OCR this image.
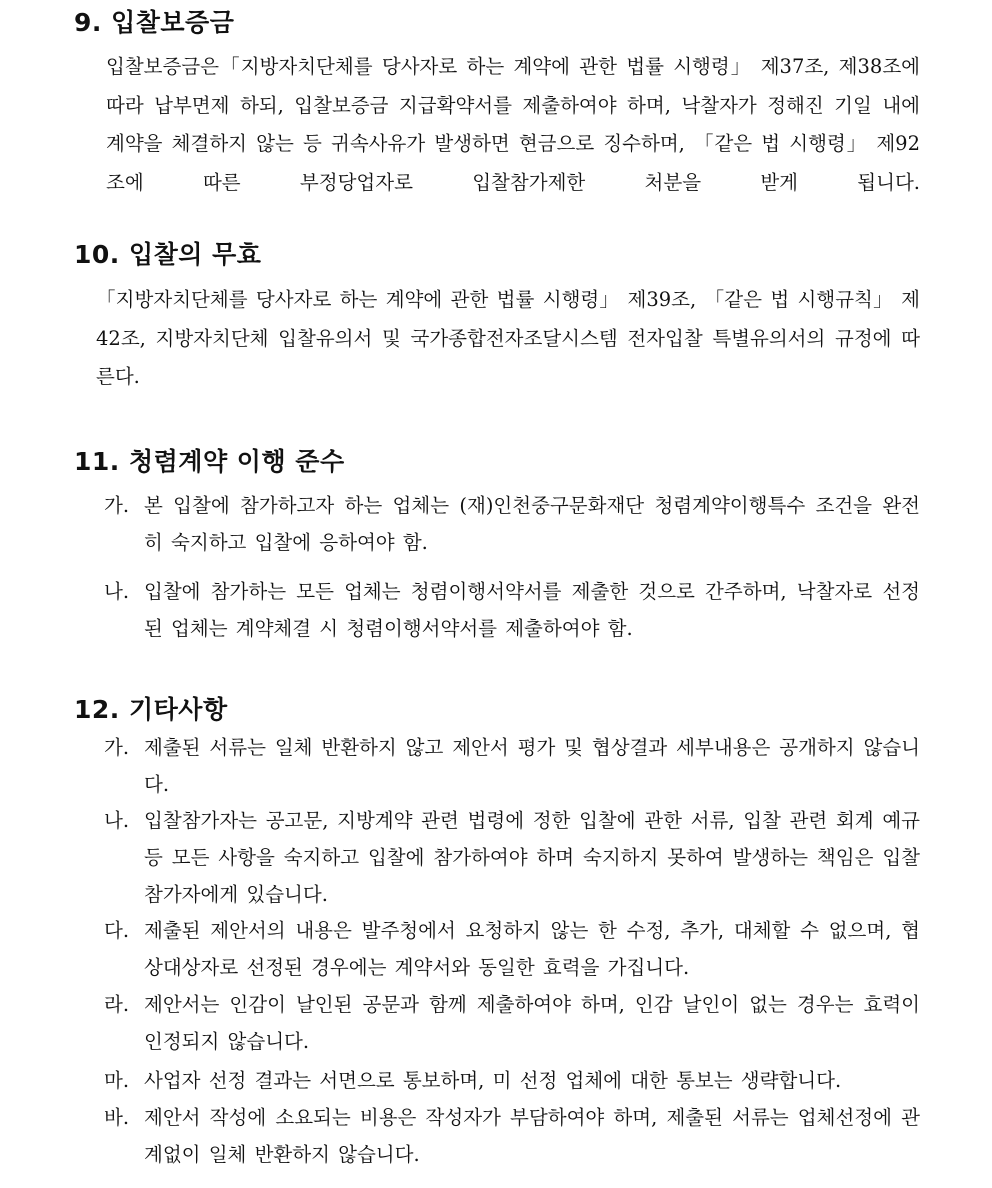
9. 입찰보증금
입찰보증금은「지방자치단체를 당사자로 하는 계약에 관한 법률 시행령」 제37조, 제38조에 따라 납부면제 하되, 입찰보증금 지급확약서를 제출하여야 하며, 낙찰자가 정해진 기일 내에 계약을 체결하지 않는 등 귀속사유가 발생하면 현금으로 징수하며, 「같은 법 시행령」 제92조에 따른 부정당업자로 입찰참가제한 처분을 받게 됩니다.
10. 입찰의 무효
「지방자치단체를 당사자로 하는 계약에 관한 법률 시행령」 제39조, 「같은 법 시행규칙」 제42조, 지방자치단체 입찰유의서 및 국가종합전자조달시스템 전자입찰 특별유의서의 규정에 따른다.
11. 청렴계약 이행 준수
가. 본 입찰에 참가하고자 하는 업체는 (재)인천중구문화재단 청렴계약이행특수 조건을 완전히 숙지하고 입찰에 응하여야 함.
나. 입찰에 참가하는 모든 업체는 청렴이행서약서를 제출한 것으로 간주하며, 낙찰자로 선정된 업체는 계약체결 시 청렴이행서약서를 제출하여야 함.
12. 기타사항
가. 제출된 서류는 일체 반환하지 않고 제안서 평가 및 협상결과 세부내용은 공개하지 않습니다.
나. 입찰참가자는 공고문, 지방계약 관련 법령에 정한 입찰에 관한 서류, 입찰 관련 회계 예규 등 모든 사항을 숙지하고 입찰에 참가하여야 하며 숙지하지 못하여 발생하는 책임은 입찰참가자에게 있습니다.
다. 제출된 제안서의 내용은 발주청에서 요청하지 않는 한 수정, 추가, 대체할 수 없으며, 협상대상자로 선정된 경우에는 계약서와 동일한 효력을 가집니다.
라. 제안서는 인감이 날인된 공문과 함께 제출하여야 하며, 인감 날인이 없는 경우는 효력이 인정되지 않습니다.
마. 사업자 선정 결과는 서면으로 통보하며, 미 선정 업체에 대한 통보는 생략합니다.
바. 제안서 작성에 소요되는 비용은 작성자가 부담하여야 하며, 제출된 서류는 업체선정에 관계없이 일체 반환하지 않습니다.
